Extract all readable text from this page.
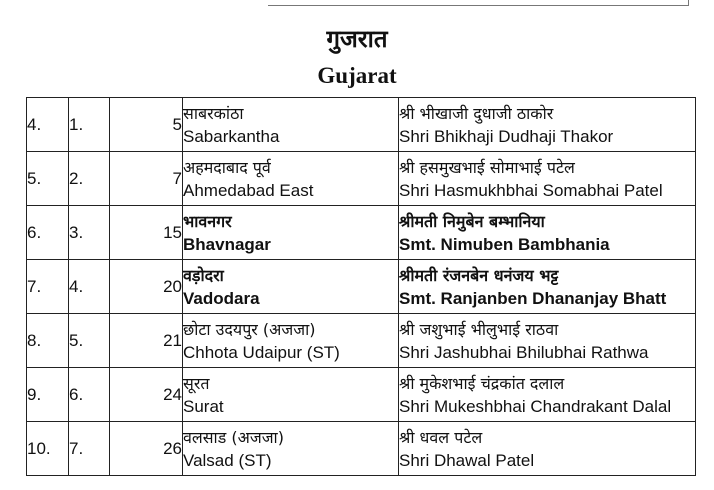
गुजरात
Gujarat
4.	1.	5	साबरकांठा
Sabarkantha	श्री भीखाजी दुधाजी ठाकोर
Shri Bhikhaji Dudhaji Thakor

5.	2.	7	अहमदाबाद पूर्व
Ahmedabad East	श्री हसमुखभाई सोमाभाई पटेल
Shri Hasmukhbhai Somabhai Patel

6.	3.	15	भावनगर
Bhavnagar	श्रीमती निमुबेन बम्भानिया
Smt. Nimuben Bambhania

7.	4.	20	वड़ोदरा
Vadodara	श्रीमती रंजनबेन धनंजय भट्ट
Smt. Ranjanben Dhananjay Bhatt

8.	5.	21	छोटा उदयपुर (अजजा)
Chhota Udaipur (ST)	श्री जशुभाई भीलुभाई राठवा
Shri Jashubhai Bhilubhai Rathwa

9.	6.	24	सूरत
Surat	श्री मुकेशभाई चंद्रकांत दलाल
Shri Mukeshbhai Chandrakant Dalal

10.	7.	26	वलसाड (अजजा)
Valsad (ST)	श्री धवल पटेल
Shri Dhawal Patel
